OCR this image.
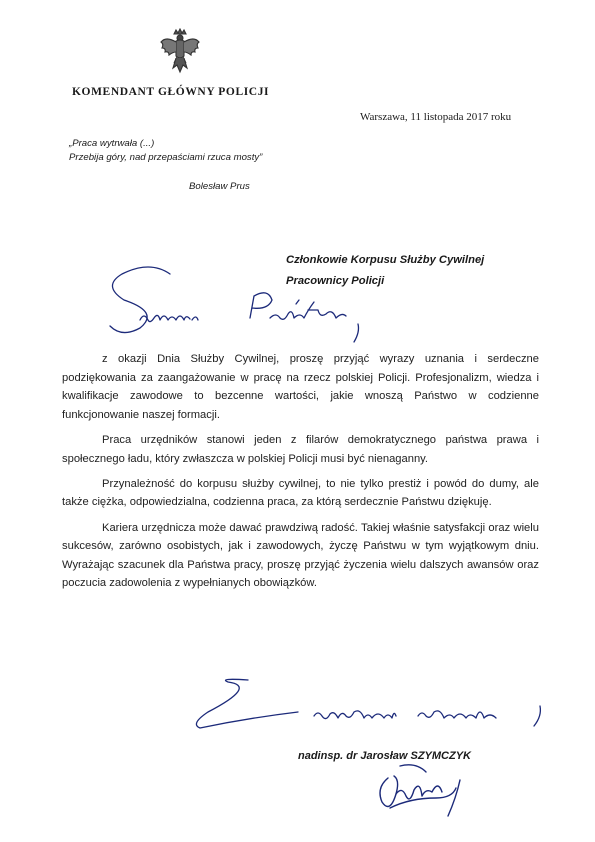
KOMENDANT GŁÓWNY POLICJI
Warszawa, 11 listopada 2017 roku
„Praca wytrwała (...)
Przebija góry, nad przepaściami rzuca mosty”
Bolesław Prus
Członkowie Korpusu Służby Cywilnej
Pracownicy Policji

z okazji Dnia Służby Cywilnej, proszę przyjąć wyrazy uznania i serdeczne podziękowania za zaangażowanie w pracę na rzecz polskiej Policji. Profesjonalizm, wiedza i kwalifikacje zawodowe to bezcenne wartości, jakie wnoszą Państwo w codzienne funkcjonowanie naszej formacji.

Praca urzędników stanowi jeden z filarów demokratycznego państwa prawa i społecznego ładu, który zwłaszcza w polskiej Policji musi być nienaganny.

Przynależność do korpusu służby cywilnej, to nie tylko prestiż i powód do dumy, ale także ciężka, odpowiedzialna, codzienna praca, za którą serdecznie Państwu dziękuję.

Kariera urzędnicza może dawać prawdziwą radość. Takiej właśnie satysfakcji oraz wielu sukcesów, zarówno osobistych, jak i zawodowych, życzę Państwu w tym wyjątkowym dniu. Wyrażając szacunek dla Państwa pracy, proszę przyjąć życzenia wielu dalszych awansów oraz poczucia zadowolenia z wypełnianych obowiązków.

nadinsp. dr Jarosław SZYMCZYK
